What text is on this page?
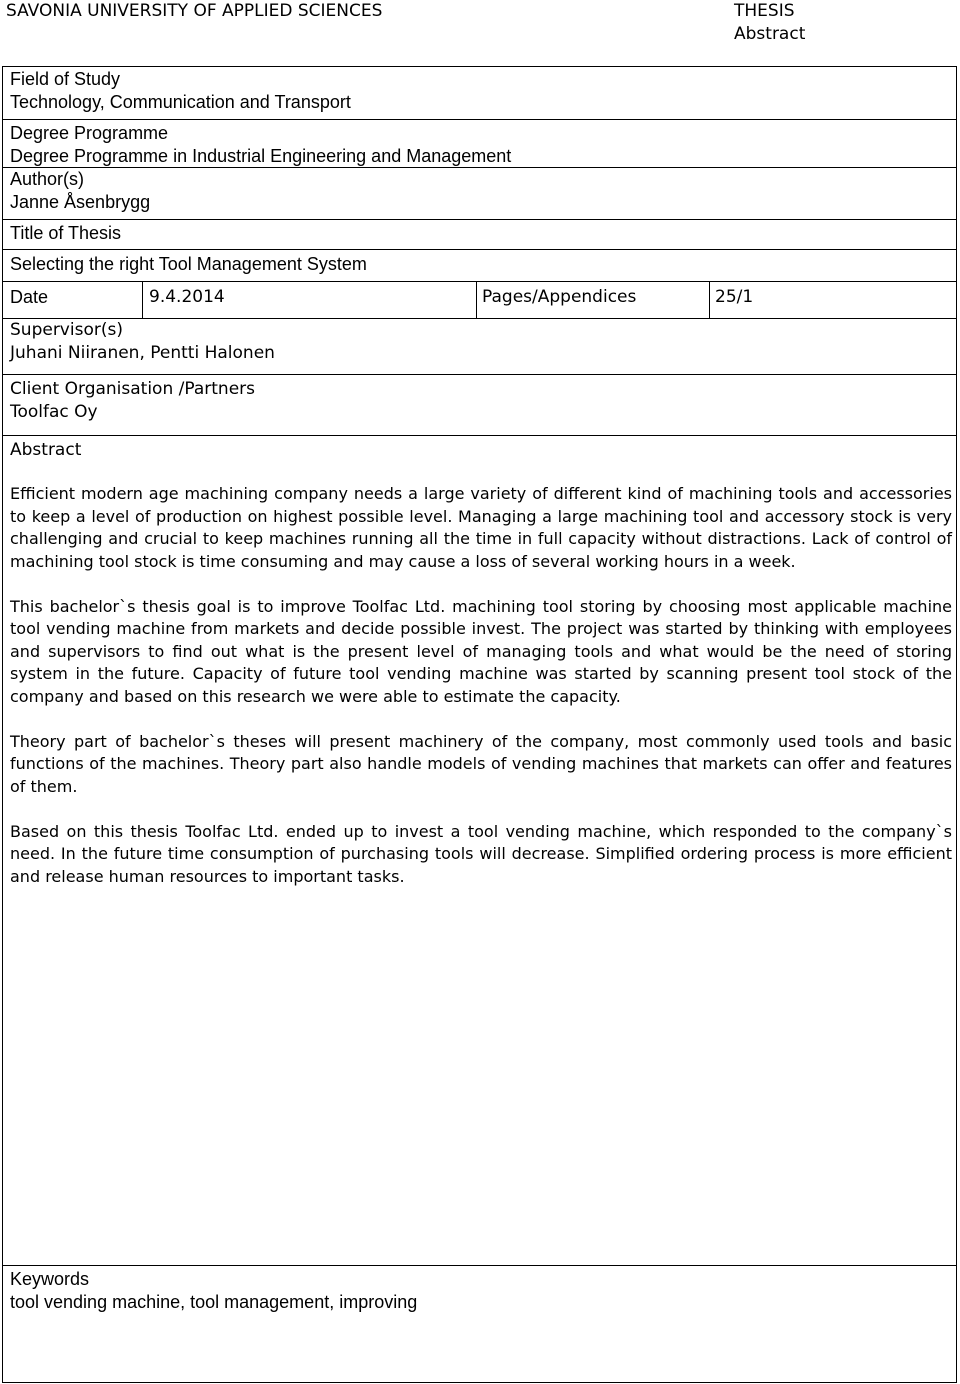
SAVONIA UNIVERSITY OF APPLIED SCIENCES	THESIS
Abstract
Field of Study
Technology, Communication and Transport
Degree Programme
Degree Programme in Industrial Engineering and Management
Author(s)
Janne Åsenbrygg
Title of Thesis
Selecting the right Tool Management System
Date	9.4.2014	Pages/Appendices	25/1
Supervisor(s)
Juhani Niiranen, Pentti Halonen
Client Organisation /Partners
Toolfac Oy
Abstract

Efficient modern age machining company needs a large variety of different kind of machining tools and accessories to keep a level of production on highest possible level. Managing a large machining tool and accessory stock is very challenging and crucial to keep machines running all the time in full capacity without distractions. Lack of control of machining tool stock is time consuming and may cause a loss of several working hours in a week.

This bachelor`s thesis goal is to improve Toolfac Ltd. machining tool storing by choosing most applicable machine tool vending machine from markets and decide possible invest. The project was started by thinking with employees and supervisors to find out what is the present level of managing tools and what would be the need of storing system in the future. Capacity of future tool vending machine was started by scanning present tool stock of the company and based on this research we were able to estimate the capacity.

Theory part of bachelor`s theses will present machinery of the company, most commonly used tools and basic functions of the machines. Theory part also handle models of vending machines that markets can offer and features of them.

Based on this thesis Toolfac Ltd. ended up to invest a tool vending machine, which responded to the company`s need. In the future time consumption of purchasing tools will decrease. Simplified ordering process is more efficient and release human resources to important tasks.

Keywords
tool vending machine, tool management, improving
